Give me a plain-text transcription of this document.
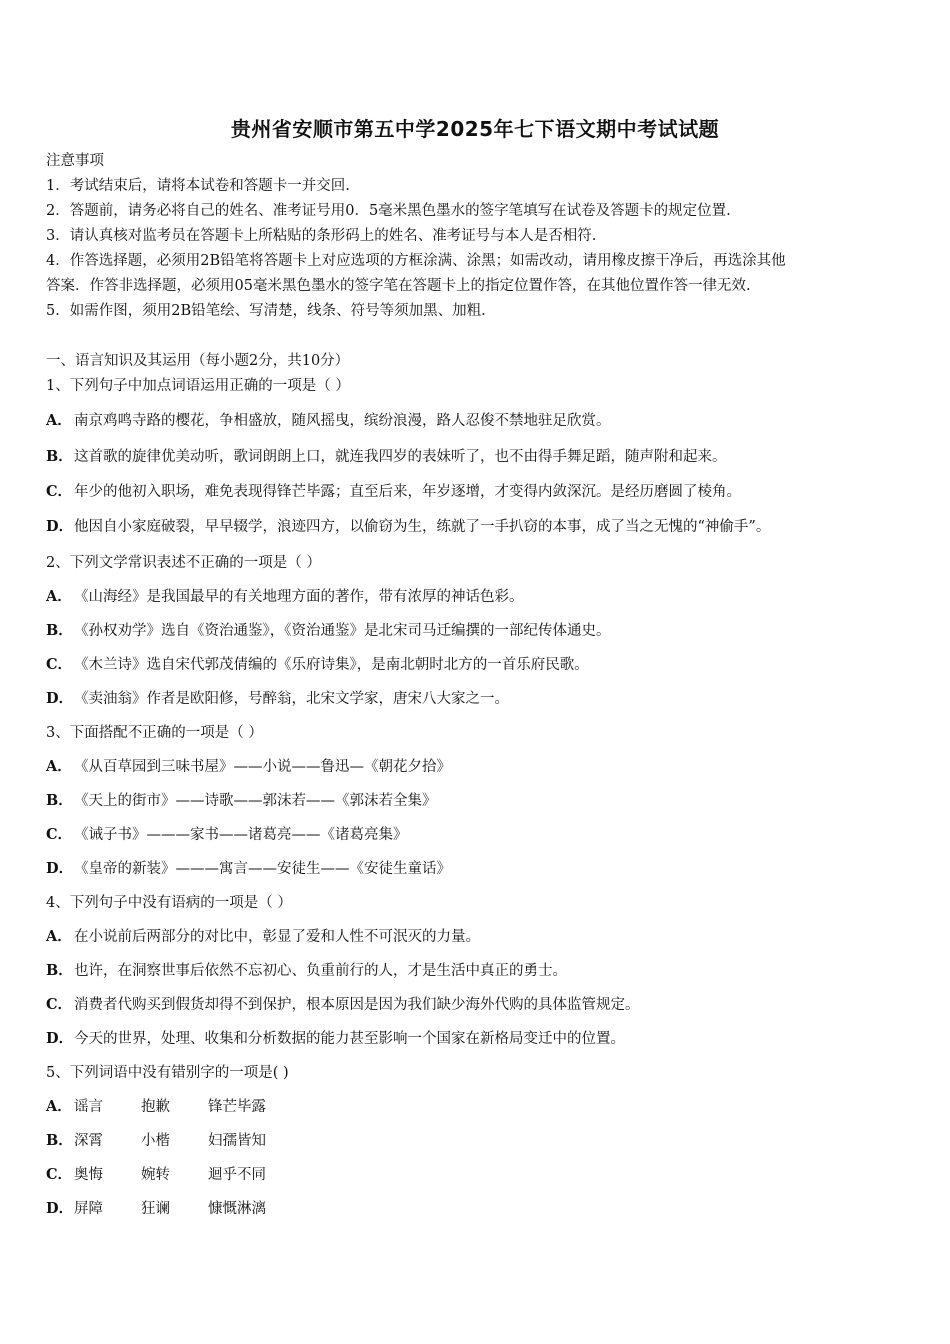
贵州省安顺市第五中学2025年七下语文期中考试试题
注意事项
1．考试结束后，请将本试卷和答题卡一并交回.
2．答题前，请务必将自己的姓名、准考证号用0．5毫米黑色墨水的签字笔填写在试卷及答题卡的规定位置.
3．请认真核对监考员在答题卡上所粘贴的条形码上的姓名、准考证号与本人是否相符.
4．作答选择题，必须用2B铅笔将答题卡上对应选项的方框涂满、涂黑；如需改动，请用橡皮擦干净后，再选涂其他
答案．作答非选择题，必须用05毫米黑色墨水的签字笔在答题卡上的指定位置作答，在其他位置作答一律无效.
5．如需作图，须用2B铅笔绘、写清楚，线条、符号等须加黑、加粗.
一、语言知识及其运用（每小题2分，共10分）
1、下列句子中加点词语运用正确的一项是（ ）
A． 南京鸡鸣寺路的樱花，争相盛放，随风摇曳，缤纷浪漫，路人忍俊不禁地驻足欣赏。
B．这首歌的旋律优美动听，歌词朗朗上口，就连我四岁的表妹听了，也不由得手舞足蹈，随声附和起来。
C． 年少的他初入职场，难免表现得锋芒毕露；直至后来，年岁逐增，才变得内敛深沉。是经历磨圆了棱角。
D．他因自小家庭破裂，早早辍学，浪迹四方，以偷窃为生，练就了一手扒窃的本事，成了当之无愧的“神偷手”。
2、下列文学常识表述不正确的一项是（ ）
A． 《山海经》是我国最早的有关地理方面的著作，带有浓厚的神话色彩。
B．《孙权劝学》选自《资治通鉴》，《资治通鉴》是北宋司马迁编撰的一部纪传体通史。
C． 《木兰诗》选自宋代郭茂倩编的《乐府诗集》，是南北朝时北方的一首乐府民歌。
D．《卖油翁》作者是欧阳修，号醉翁，北宋文学家，唐宋八大家之一。
3、下面搭配不正确的一项是（ ）
A． 《从百草园到三味书屋》——小说——鲁迅—《朝花夕拾》
B．《天上的街市》——诗歌——郭沫若——《郭沫若全集》
C． 《诫子书》———家书——诸葛亮——《诸葛亮集》
D．《皇帝的新装》———寓言——安徒生——《安徒生童话》
4、下列句子中没有语病的一项是（ ）
A． 在小说前后两部分的对比中，彰显了爱和人性不可泯灭的力量。
B．也许，在洞察世事后依然不忘初心、负重前行的人，才是生活中真正的勇士。
C． 消费者代购买到假货却得不到保护，根本原因是因为我们缺少海外代购的具体监管规定。
D．今天的世界，处理、收集和分析数据的能力甚至影响一个国家在新格局变迁中的位置。
5、下列词语中没有错别字的一项是( )
A． 谣言	抱歉	锋芒毕露
B．深霄	小楷	妇孺皆知
C． 奥悔	婉转	迴乎不同
D．屏障	狂谰	慷慨淋漓
